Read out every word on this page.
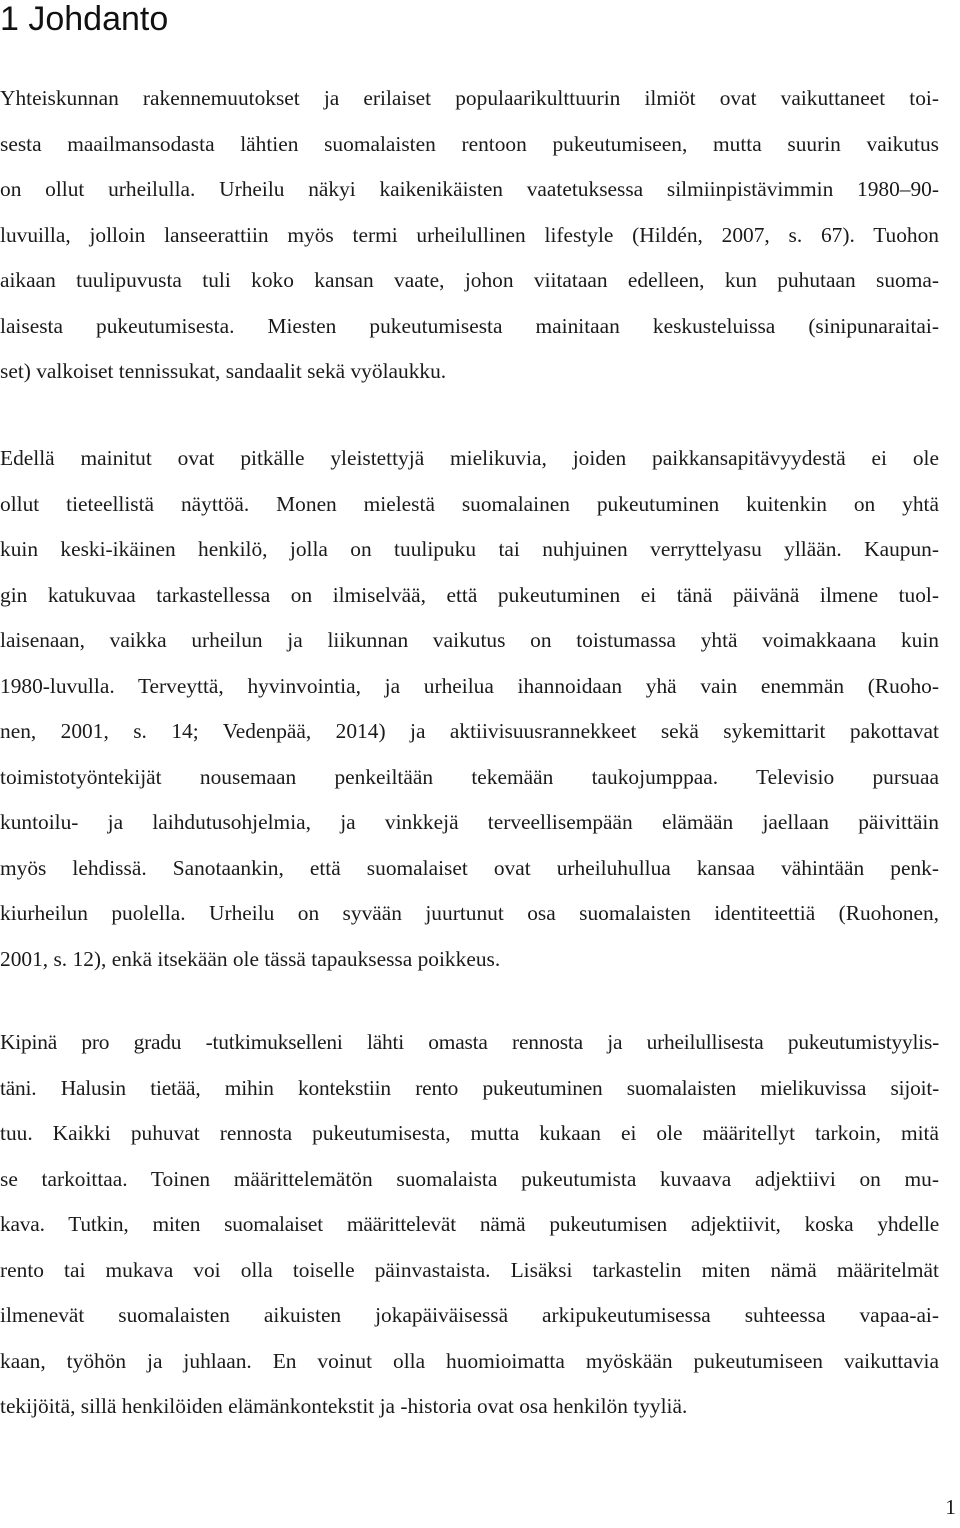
1 Johdanto
Yhteiskunnan rakennemuutokset ja erilaiset populaarikulttuurin ilmiöt ovat vaikuttaneet toi-
sesta maailmansodasta lähtien suomalaisten rentoon pukeutumiseen, mutta suurin vaikutus
on ollut urheilulla. Urheilu näkyi kaikenikäisten vaatetuksessa silmiinpistävimmin 1980–90-
luvuilla, jolloin lanseerattiin myös termi urheilullinen lifestyle (Hildén, 2007, s. 67). Tuohon
aikaan tuulipuvusta tuli koko kansan vaate, johon viitataan edelleen, kun puhutaan suoma-
laisesta pukeutumisesta. Miesten pukeutumisesta mainitaan keskusteluissa (sinipunaraitai-
set) valkoiset tennissukat, sandaalit sekä vyölaukku.
Edellä mainitut ovat pitkälle yleistettyjä mielikuvia, joiden paikkansapitävyydestä ei ole
ollut tieteellistä näyttöä. Monen mielestä suomalainen pukeutuminen kuitenkin on yhtä
kuin keski-ikäinen henkilö, jolla on tuulipuku tai nuhjuinen verryttelyasu yllään. Kaupun-
gin katukuvaa tarkastellessa on ilmiselvää, että pukeutuminen ei tänä päivänä ilmene tuol-
laisenaan, vaikka urheilun ja liikunnan vaikutus on toistumassa yhtä voimakkaana kuin
1980-luvulla. Terveyttä, hyvinvointia, ja urheilua ihannoidaan yhä vain enemmän (Ruoho-
nen, 2001, s. 14; Vedenpää, 2014) ja aktiivisuusrannekkeet sekä sykemittarit pakottavat
toimistotyöntekijät nousemaan penkeiltään tekemään taukojumppaa. Televisio pursuaa
kuntoilu- ja laihdutusohjelmia, ja vinkkejä terveellisempään elämään jaellaan päivittäin
myös lehdissä. Sanotaankin, että suomalaiset ovat urheiluhullua kansaa vähintään penk-
kiurheilun puolella. Urheilu on syvään juurtunut osa suomalaisten identiteettiä (Ruohonen,
2001, s. 12), enkä itsekään ole tässä tapauksessa poikkeus.
Kipinä pro gradu -tutkimukselleni lähti omasta rennosta ja urheilullisesta pukeutumistyylis-
täni. Halusin tietää, mihin kontekstiin rento pukeutuminen suomalaisten mielikuvissa sijoit-
tuu. Kaikki puhuvat rennosta pukeutumisesta, mutta kukaan ei ole määritellyt tarkoin, mitä
se tarkoittaa. Toinen määrittelemätön suomalaista pukeutumista kuvaava adjektiivi on mu-
kava. Tutkin, miten suomalaiset määrittelevät nämä pukeutumisen adjektiivit, koska yhdelle
rento tai mukava voi olla toiselle päinvastaista. Lisäksi tarkastelin miten nämä määritelmät
ilmenevät suomalaisten aikuisten jokapäiväisessä arkipukeutumisessa suhteessa vapaa-ai-
kaan, työhön ja juhlaan. En voinut olla huomioimatta myöskään pukeutumiseen vaikuttavia
tekijöitä, sillä henkilöiden elämänkontekstit ja -historia ovat osa henkilön tyyliä.
1
